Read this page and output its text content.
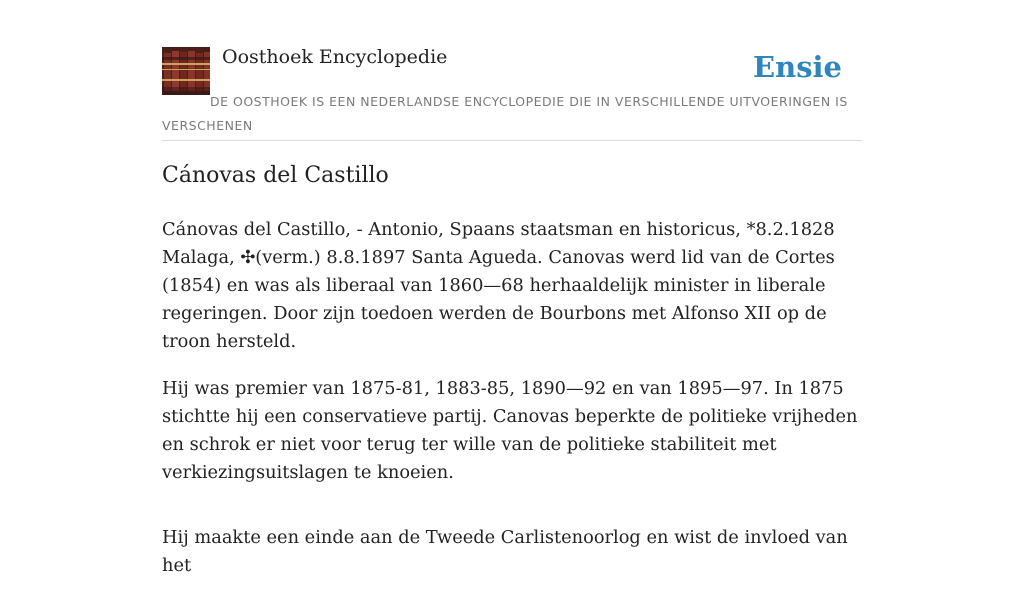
Oosthoek Encyclopedie	Ensie
DE OOSTHOEK IS EEN NEDERLANDSE ENCYCLOPEDIE DIE IN VERSCHILLENDE UITVOERINGEN IS VERSCHENEN
Cánovas del Castillo

Cánovas del Castillo, - Antonio, Spaans staatsman en historicus, *8.2.1828 Malaga, ✣(verm.) 8.8.1897 Santa Agueda. Canovas werd lid van de Cortes (1854) en was als liberaal van 1860—68 herhaaldelijk minister in liberale regeringen. Door zijn toedoen werden de Bourbons met Alfonso XII op de troon hersteld.

Hij was premier van 1875-81, 1883-85, 1890—92 en van 1895—97. In 1875 stichtte hij een conservatieve partij. Canovas beperkte de politieke vrijheden en schrok er niet voor terug ter wille van de politieke stabiliteit met verkiezingsuitslagen te knoeien.

Hij maakte een einde aan de Tweede Carlistenoorlog en wist de invloed van het
